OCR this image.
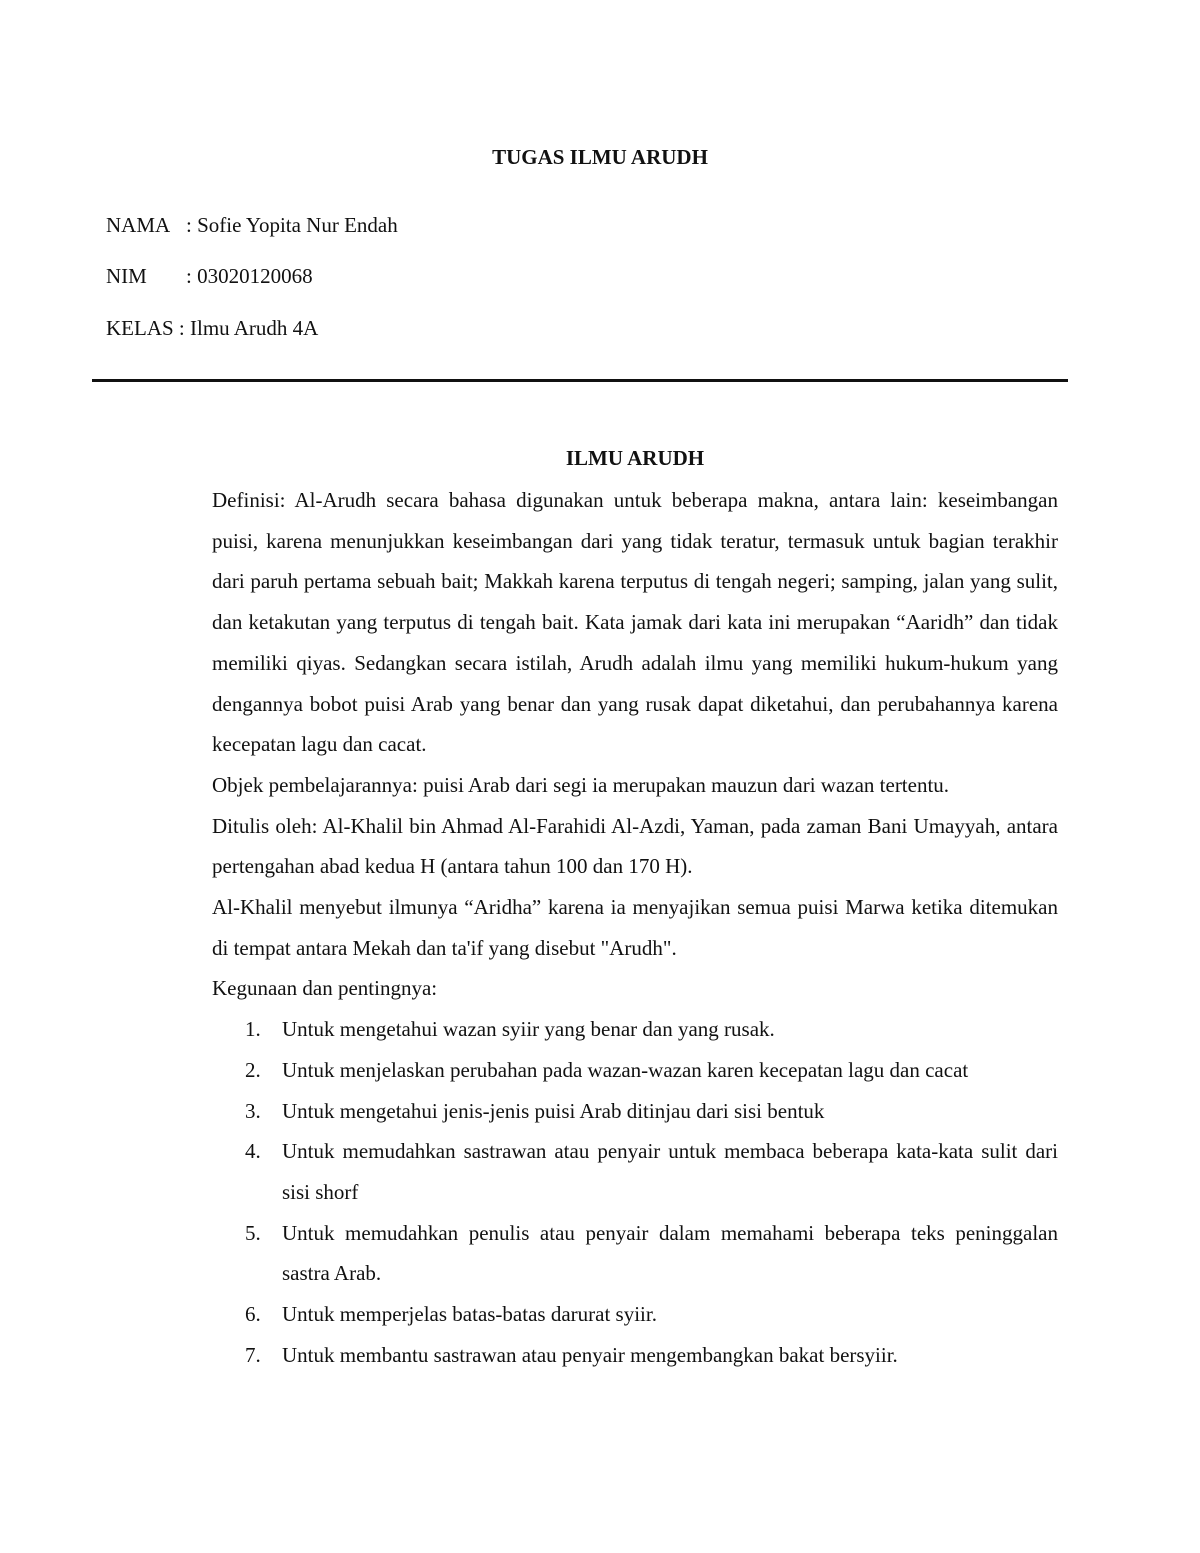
TUGAS ILMU ARUDH
NAMA : Sofie Yopita Nur Endah
NIM : 03020120068
KELAS : Ilmu Arudh 4A
ILMU ARUDH

Definisi: Al-Arudh secara bahasa digunakan untuk beberapa makna, antara lain: keseimbangan puisi, karena menunjukkan keseimbangan dari yang tidak teratur, termasuk untuk bagian terakhir dari paruh pertama sebuah bait; Makkah karena terputus di tengah negeri; samping, jalan yang sulit, dan ketakutan yang terputus di tengah bait. Kata jamak dari kata ini merupakan “Aaridh” dan tidak memiliki qiyas. Sedangkan secara istilah, Arudh adalah ilmu yang memiliki hukum-hukum yang dengannya bobot puisi Arab yang benar dan yang rusak dapat diketahui, dan perubahannya karena kecepatan lagu dan cacat.

Objek pembelajarannya: puisi Arab dari segi ia merupakan mauzun dari wazan tertentu.

Ditulis oleh: Al-Khalil bin Ahmad Al-Farahidi Al-Azdi, Yaman, pada zaman Bani Umayyah, antara pertengahan abad kedua H (antara tahun 100 dan 170 H).

Al-Khalil menyebut ilmunya “Aridha” karena ia menyajikan semua puisi Marwa ketika ditemukan di tempat antara Mekah dan ta'if yang disebut "Arudh".

Kegunaan dan pentingnya:

1. Untuk mengetahui wazan syiir yang benar dan yang rusak.
2. Untuk menjelaskan perubahan pada wazan-wazan karen kecepatan lagu dan cacat
3. Untuk mengetahui jenis-jenis puisi Arab ditinjau dari sisi bentuk
4. Untuk memudahkan sastrawan atau penyair untuk membaca beberapa kata-kata sulit dari sisi shorf
5. Untuk memudahkan penulis atau penyair dalam memahami beberapa teks peninggalan sastra Arab.
6. Untuk memperjelas batas-batas darurat syiir.
7. Untuk membantu sastrawan atau penyair mengembangkan bakat bersyiir.
